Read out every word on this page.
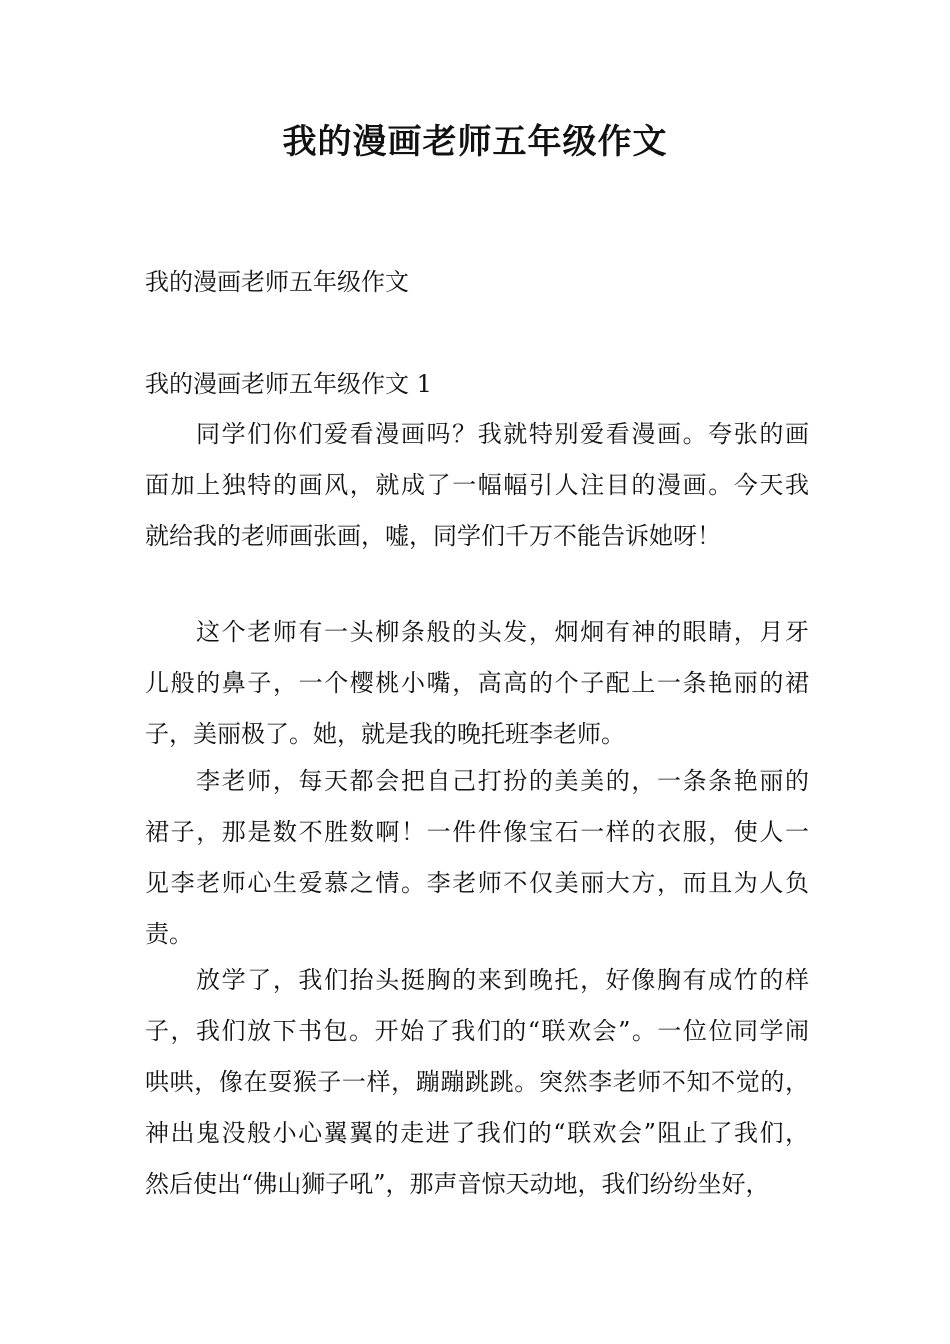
我的漫画老师五年级作文
我的漫画老师五年级作文
我的漫画老师五年级作文 1
同学们你们爱看漫画吗？我就特别爱看漫画。夸张的画
面加上独特的画风，就成了一幅幅引人注目的漫画。今天我
就给我的老师画张画，嘘，同学们千万不能告诉她呀！
这个老师有一头柳条般的头发，炯炯有神的眼睛，月牙
儿般的鼻子，一个樱桃小嘴，高高的个子配上一条艳丽的裙
子，美丽极了。她，就是我的晚托班李老师。
李老师，每天都会把自己打扮的美美的，一条条艳丽的
裙子，那是数不胜数啊！一件件像宝石一样的衣服，使人一
见李老师心生爱慕之情。李老师不仅美丽大方，而且为人负
责。
放学了，我们抬头挺胸的来到晚托，好像胸有成竹的样
子，我们放下书包。开始了我们的“联欢会”。一位位同学闹
哄哄，像在耍猴子一样，蹦蹦跳跳。突然李老师不知不觉的，
神出鬼没般小心翼翼的走进了我们的“联欢会”阻止了我们，
然后使出“佛山狮子吼”，那声音惊天动地，我们纷纷坐好，
